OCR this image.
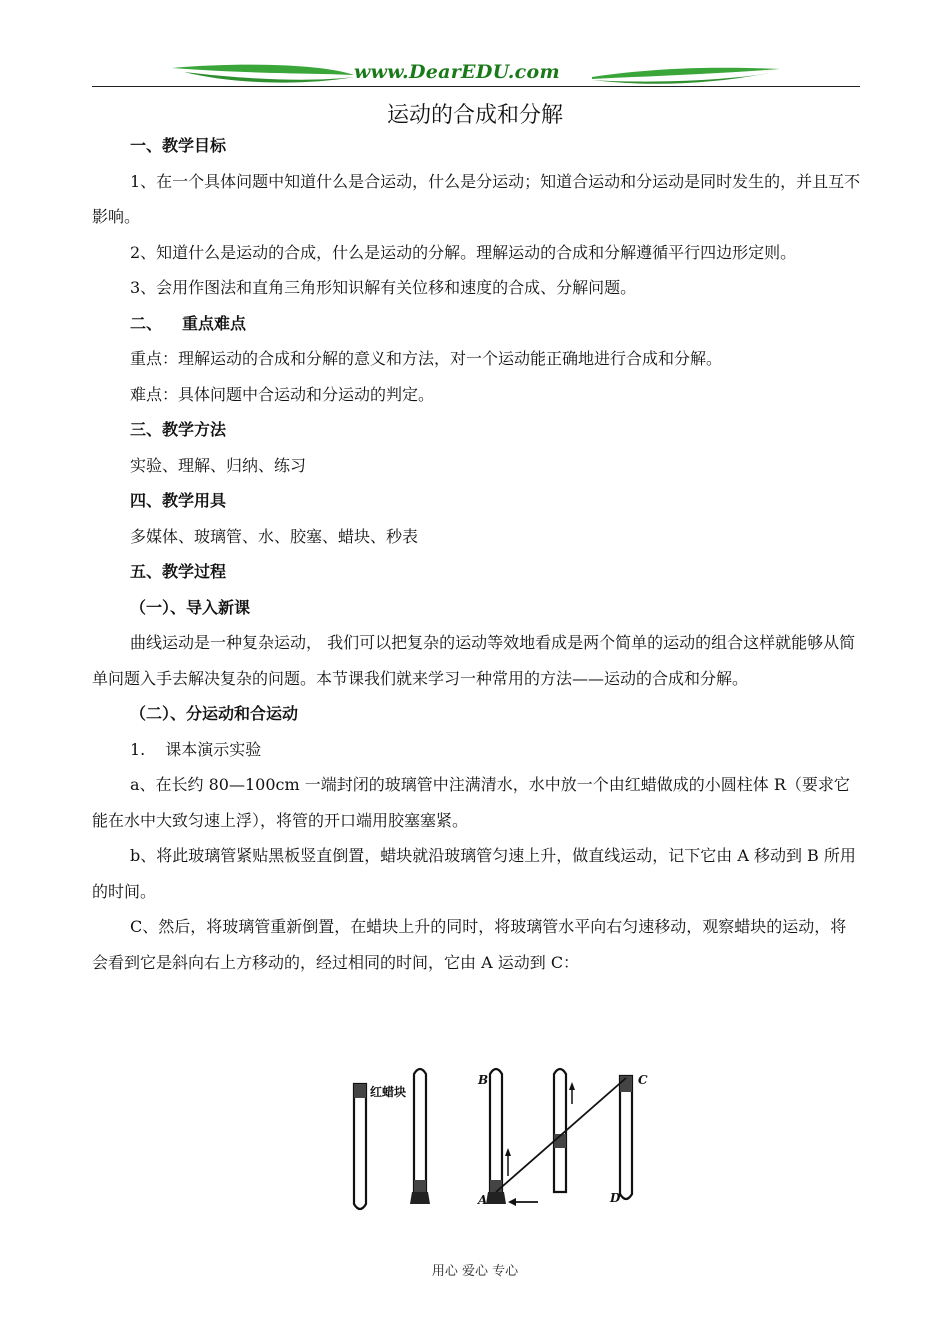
www.DearEDU.com
运动的合成和分解

一、教学目标

1、在一个具体问题中知道什么是合运动，什么是分运动；知道合运动和分运动是同时发生的，并且互不影响。

2、知道什么是运动的合成，什么是运动的分解。理解运动的合成和分解遵循平行四边形定则。

3、会用作图法和直角三角形知识解有关位移和速度的合成、分解问题。

二、 重点难点

重点：理解运动的合成和分解的意义和方法，对一个运动能正确地进行合成和分解。

难点：具体问题中合运动和分运动的判定。

三、教学方法

实验、理解、归纳、练习

四、教学用具

多媒体、玻璃管、水、胶塞、蜡块、秒表

五、教学过程

（一）、导入新课

曲线运动是一种复杂运动， 我们可以把复杂的运动等效地看成是两个简单的运动的组合这样就能够从简单问题入手去解决复杂的问题。本节课我们就来学习一种常用的方法——运动的合成和分解。

（二）、分运动和合运动

1. 课本演示实验

a、在长约 80—100cm 一端封闭的玻璃管中注满清水，水中放一个由红蜡做成的小圆柱体 R（要求它能在水中大致匀速上浮），将管的开口端用胶塞塞紧。

b、将此玻璃管紧贴黑板竖直倒置，蜡块就沿玻璃管匀速上升，做直线运动，记下它由 A 移动到 B 所用的时间。

C、然后，将玻璃管重新倒置，在蜡块上升的同时，将玻璃管水平向右匀速移动，观察蜡块的运动，将会看到它是斜向右上方移动的，经过相同的时间，它由 A 运动到 C：

红蜡块
B
A
C
D
用心 爱心 专心
